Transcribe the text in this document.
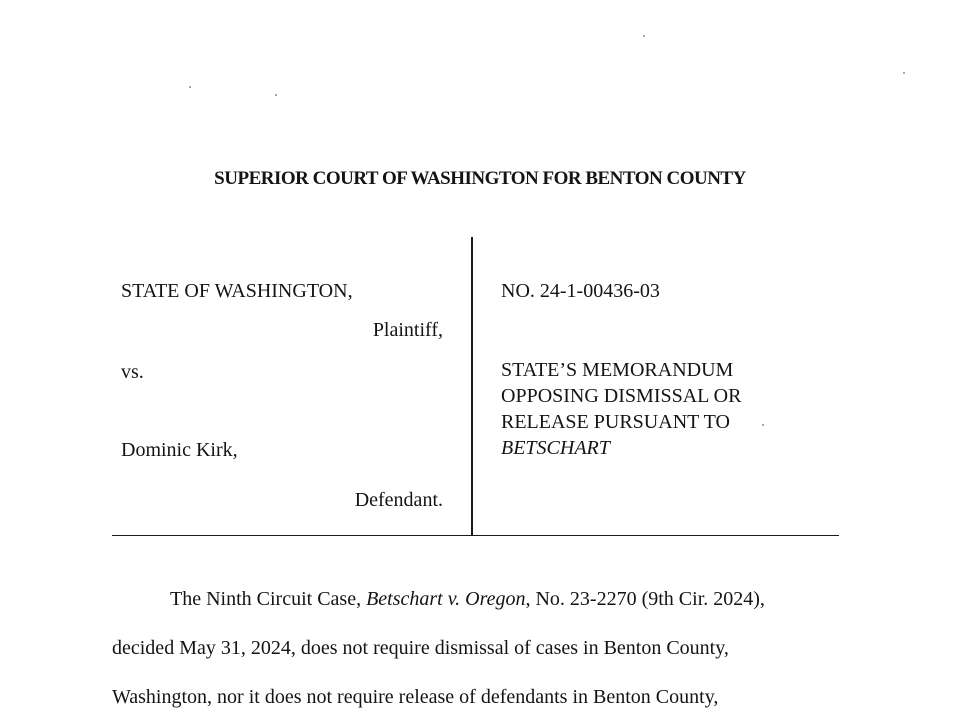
SUPERIOR COURT OF WASHINGTON FOR BENTON COUNTY
STATE OF WASHINGTON,
Plaintiff,
vs.
Dominic Kirk,
Defendant.
NO. 24-1-00436-03
STATE’S MEMORANDUM
OPPOSING DISMISSAL OR
RELEASE PURSUANT TO
BETSCHART
The Ninth Circuit Case, Betschart v. Oregon, No. 23-2270 (9th Cir. 2024),
decided May 31, 2024, does not require dismissal of cases in Benton County,
Washington, nor it does not require release of defendants in Benton County,
